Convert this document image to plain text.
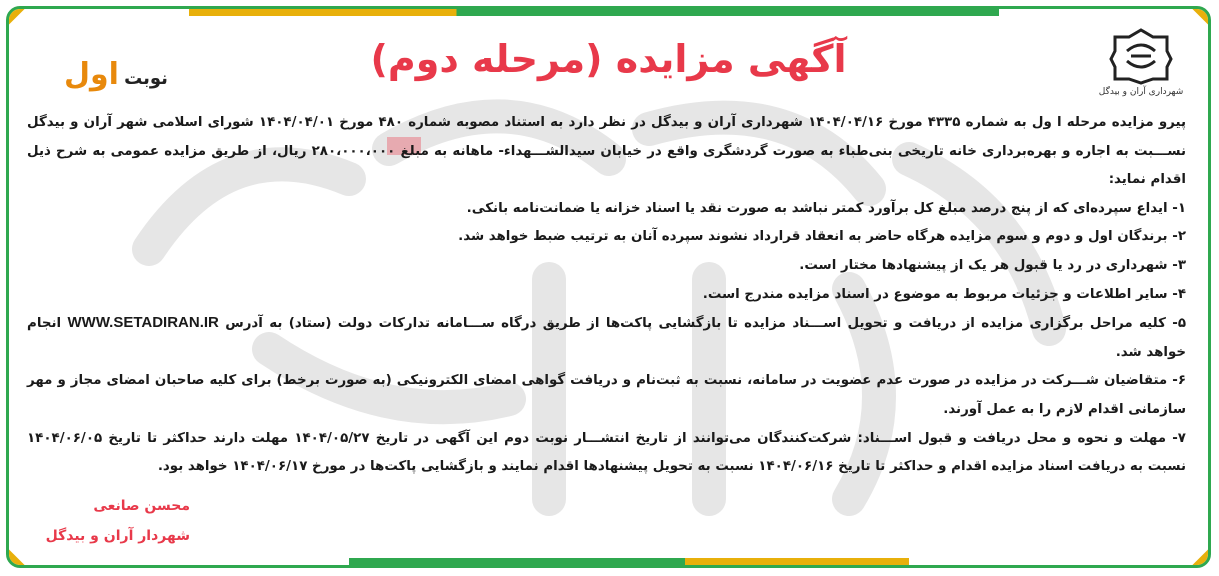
شهرداری آران و بیدگل
آگهی مزایده (مرحله دوم)
نوبت اول

پیرو مزایده مرحله ا ول به شماره ۴۳۳۵ مورخ ۱۴۰۴/۰۴/۱۶ شهرداری آران و بیدگل در نظر دارد به استناد مصوبه شماره ۴۸۰ مورخ ۱۴۰۴/۰۴/۰۱ شورای اسلامی شهر آران و بیدگل نســـبت به اجاره و بهره‌برداری خانه تاریخی بنی‌طباء به صورت گردشگری واقع در خیابان سیدالشـــهداء- ماهانه به مبلغ ۲۸۰،۰۰۰،۰۰۰ ریال، از طریق مزایده عمومی به شرح ذیل اقدام نماید:

۱- ایداع سپرده‌ای که از پنج درصد مبلغ کل برآورد کمتر نباشد به صورت نقد یا اسناد خزانه یا ضمانت‌نامه بانکی.

۲- برندگان اول و دوم و سوم مزایده هرگاه حاضر به انعقاد قرارداد نشوند سپرده آنان به ترتیب ضبط خواهد شد.

۳- شهرداری در رد یا قبول هر یک از پیشنهادها مختار است.

۴- سایر اطلاعات و جزئیات مربوط به موضوع در اسناد مزایده مندرج است.

۵- کلیه مراحل برگزاری مزایده از دریافت و تحویل اســـناد مزایده تا بازگشایی پاکت‌ها از طریق درگاه ســـامانه تدارکات دولت (ستاد) به آدرس WWW.SETADIRAN.IR انجام خواهد شد.

۶- متقاضیان شـــرکت در مزایده در صورت عدم عضویت در سامانه، نسبت به ثبت‌نام و دریافت گواهی امضای الکترونیکی (به صورت برخط) برای کلیه صاحبان امضای مجاز و مهر سازمانی اقدام لازم را به عمل آورند.

۷- مهلت و نحوه و محل دریافت و قبول اســـناد: شرکت‌کنندگان می‌توانند از تاریخ انتشـــار نوبت دوم این آگهی در تاریخ ۱۴۰۴/۰۵/۲۷ مهلت دارند حداکثر تا تاریخ ۱۴۰۴/۰۶/۰۵ نسبت به دریافت اسناد مزایده اقدام و حداکثر تا تاریخ ۱۴۰۴/۰۶/۱۶ نسبت به تحویل پیشنهادها اقدام نمایند و بازگشایی پاکت‌ها در مورخ ۱۴۰۴/۰۶/۱۷ خواهد بود.

محسن صانعی
شهردار آران و بیدگل
